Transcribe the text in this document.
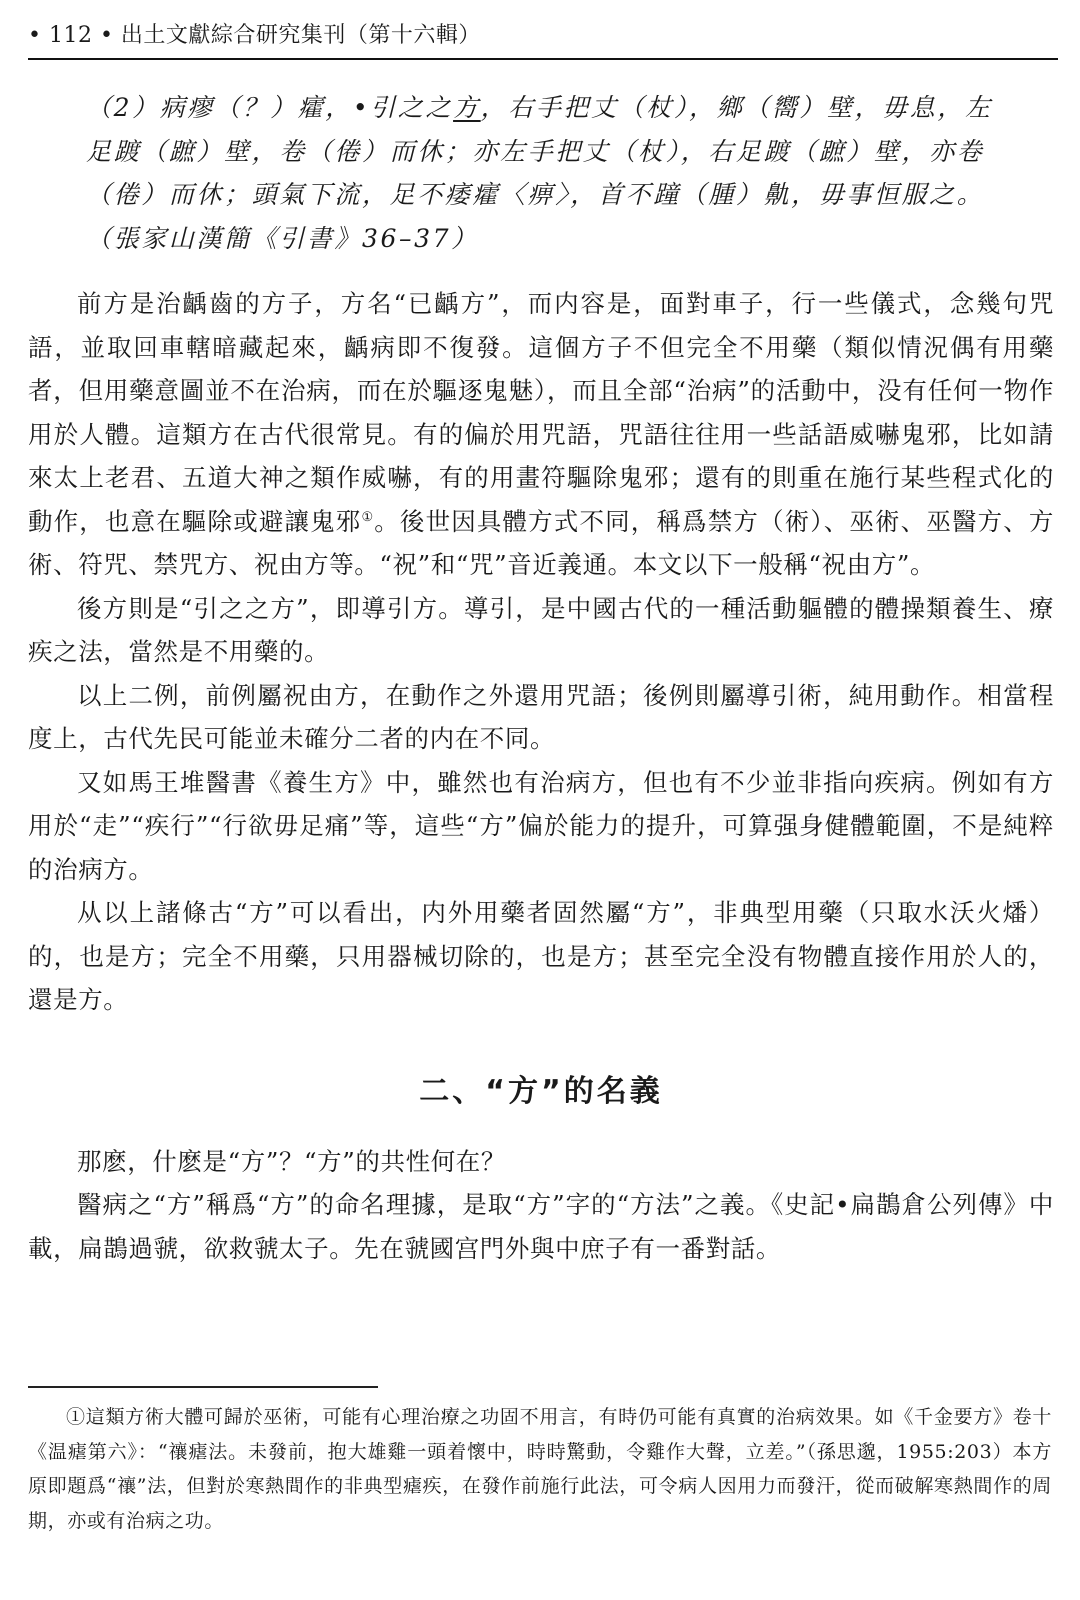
• 112 • 出土文獻綜合研究集刊（第十六輯）

（2）病瘳（？）癨，•引之之方，右手把丈（杖），鄉（嚮）壁，毋息，左足踱（蹠）壁，卷（倦）而休；亦左手把丈（杖），右足踱（蹠）壁，亦卷（倦）而休；頭氣下流，足不痿癨〈痹〉，首不蹱（腫）鼽，毋事恒服之。（張家山漢簡《引書》36–37）

前方是治齲齒的方子，方名“已齲方”，而内容是，面對車子，行一些儀式，念幾句咒語，並取回車轄暗藏起來，齲病即不復發。這個方子不但完全不用藥（類似情況偶有用藥者，但用藥意圖並不在治病，而在於驅逐鬼魅），而且全部“治病”的活動中，没有任何一物作用於人體。這類方在古代很常見。有的偏於用咒語，咒語往往用一些話語威嚇鬼邪，比如請來太上老君、五道大神之類作威嚇，有的用畫符驅除鬼邪；還有的則重在施行某些程式化的動作，也意在驅除或避讓鬼邪①。後世因具體方式不同，稱爲禁方（術）、巫術、巫醫方、方術、符咒、禁咒方、祝由方等。“祝”和“咒”音近義通。本文以下一般稱“祝由方”。

後方則是“引之之方”，即導引方。導引，是中國古代的一種活動軀體的體操類養生、療疾之法，當然是不用藥的。

以上二例，前例屬祝由方，在動作之外還用咒語；後例則屬導引術，純用動作。相當程度上，古代先民可能並未確分二者的内在不同。

又如馬王堆醫書《養生方》中，雖然也有治病方，但也有不少並非指向疾病。例如有方用於“走”“疾行”“行欲毋足痛”等，這些“方”偏於能力的提升，可算强身健體範圍，不是純粹的治病方。

从以上諸條古“方”可以看出，内外用藥者固然屬“方”，非典型用藥（只取水沃火燔）的，也是方；完全不用藥，只用器械切除的，也是方；甚至完全没有物體直接作用於人的，還是方。

二、“方”的名義

那麽，什麽是“方”？“方”的共性何在？

醫病之“方”稱爲“方”的命名理據，是取“方”字的“方法”之義。《史記•扁鵲倉公列傳》中載，扁鵲過虢，欲救虢太子。先在虢國宫門外與中庶子有一番對話。

①這類方術大體可歸於巫術，可能有心理治療之功固不用言，有時仍可能有真實的治病效果。如《千金要方》卷十《温瘧第六》：“禳瘧法。未發前，抱大雄雞一頭着懷中，時時驚動，令雞作大聲，立差。”（孫思邈，1955:203）本方原即題爲“禳”法，但對於寒熱間作的非典型瘧疾，在發作前施行此法，可令病人因用力而發汗，從而破解寒熱間作的周期，亦或有治病之功。
